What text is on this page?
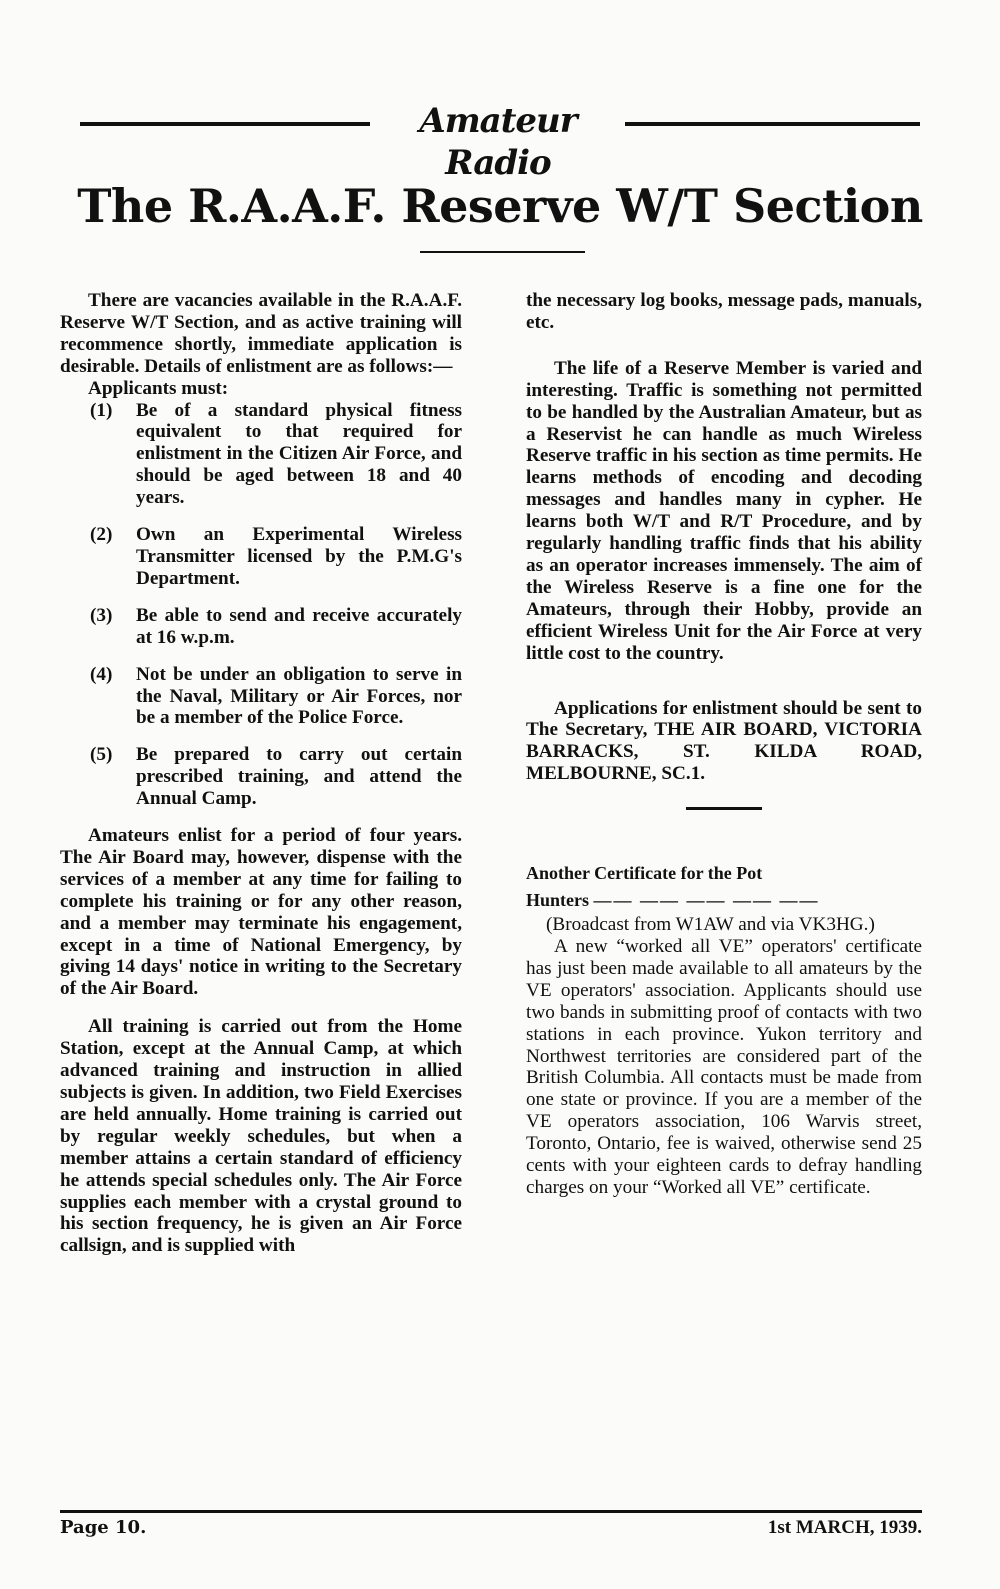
Amateur Radio
The R.A.A.F. Reserve W/T Section

There are vacancies available in the R.A.A.F. Reserve W/T Section, and as active training will recommence shortly, immediate application is desirable. Details of enlistment are as follows:—

Applicants must:

(1)	Be of a standard physical fitness equivalent to that required for enlistment in the Citizen Air Force, and should be aged between 18 and 40 years.
(2)	Own an Experimental Wireless Transmitter licensed by the P.M.G's Department.
(3)	Be able to send and receive accurately at 16 w.p.m.
(4)	Not be under an obligation to serve in the Naval, Military or Air Forces, nor be a member of the Police Force.
(5)	Be prepared to carry out certain prescribed training, and attend the Annual Camp.

Amateurs enlist for a period of four years. The Air Board may, however, dispense with the services of a member at any time for failing to complete his training or for any other reason, and a member may terminate his engagement, except in a time of National Emergency, by giving 14 days' notice in writing to the Secretary of the Air Board.

All training is carried out from the Home Station, except at the Annual Camp, at which advanced training and instruction in allied subjects is given. In addition, two Field Exercises are held annually. Home training is carried out by regular weekly schedules, but when a member attains a certain standard of efficiency he attends special schedules only. The Air Force supplies each member with a crystal ground to his section frequency, he is given an Air Force callsign, and is supplied with

the necessary log books, message pads, manuals, etc.

The life of a Reserve Member is varied and interesting. Traffic is something not permitted to be handled by the Australian Amateur, but as a Reservist he can handle as much Wireless Reserve traffic in his section as time permits. He learns methods of encoding and decoding messages and handles many in cypher. He learns both W/T and R/T Procedure, and by regularly handling traffic finds that his ability as an operator increases immensely. The aim of the Wireless Reserve is a fine one for the Amateurs, through their Hobby, provide an efficient Wireless Unit for the Air Force at very little cost to the country.

Applications for enlistment should be sent to The Secretary, THE AIR BOARD, VICTORIA BARRACKS, ST. KILDA ROAD, MELBOURNE, SC.1.

Another Certificate for the Pot
Hunters —— —— —— —— ——

(Broadcast from W1AW and via VK3HG.)

A new “worked all VE” operators' certificate has just been made available to all amateurs by the VE operators' association. Applicants should use two bands in submitting proof of contacts with two stations in each province. Yukon territory and Northwest territories are considered part of the British Columbia. All contacts must be made from one state or province. If you are a member of the VE operators association, 106 Warvis street, Toronto, Ontario, fee is waived, otherwise send 25 cents with your eighteen cards to defray handling charges on your “Worked all VE” certificate.

Page 10.	1st MARCH, 1939.
